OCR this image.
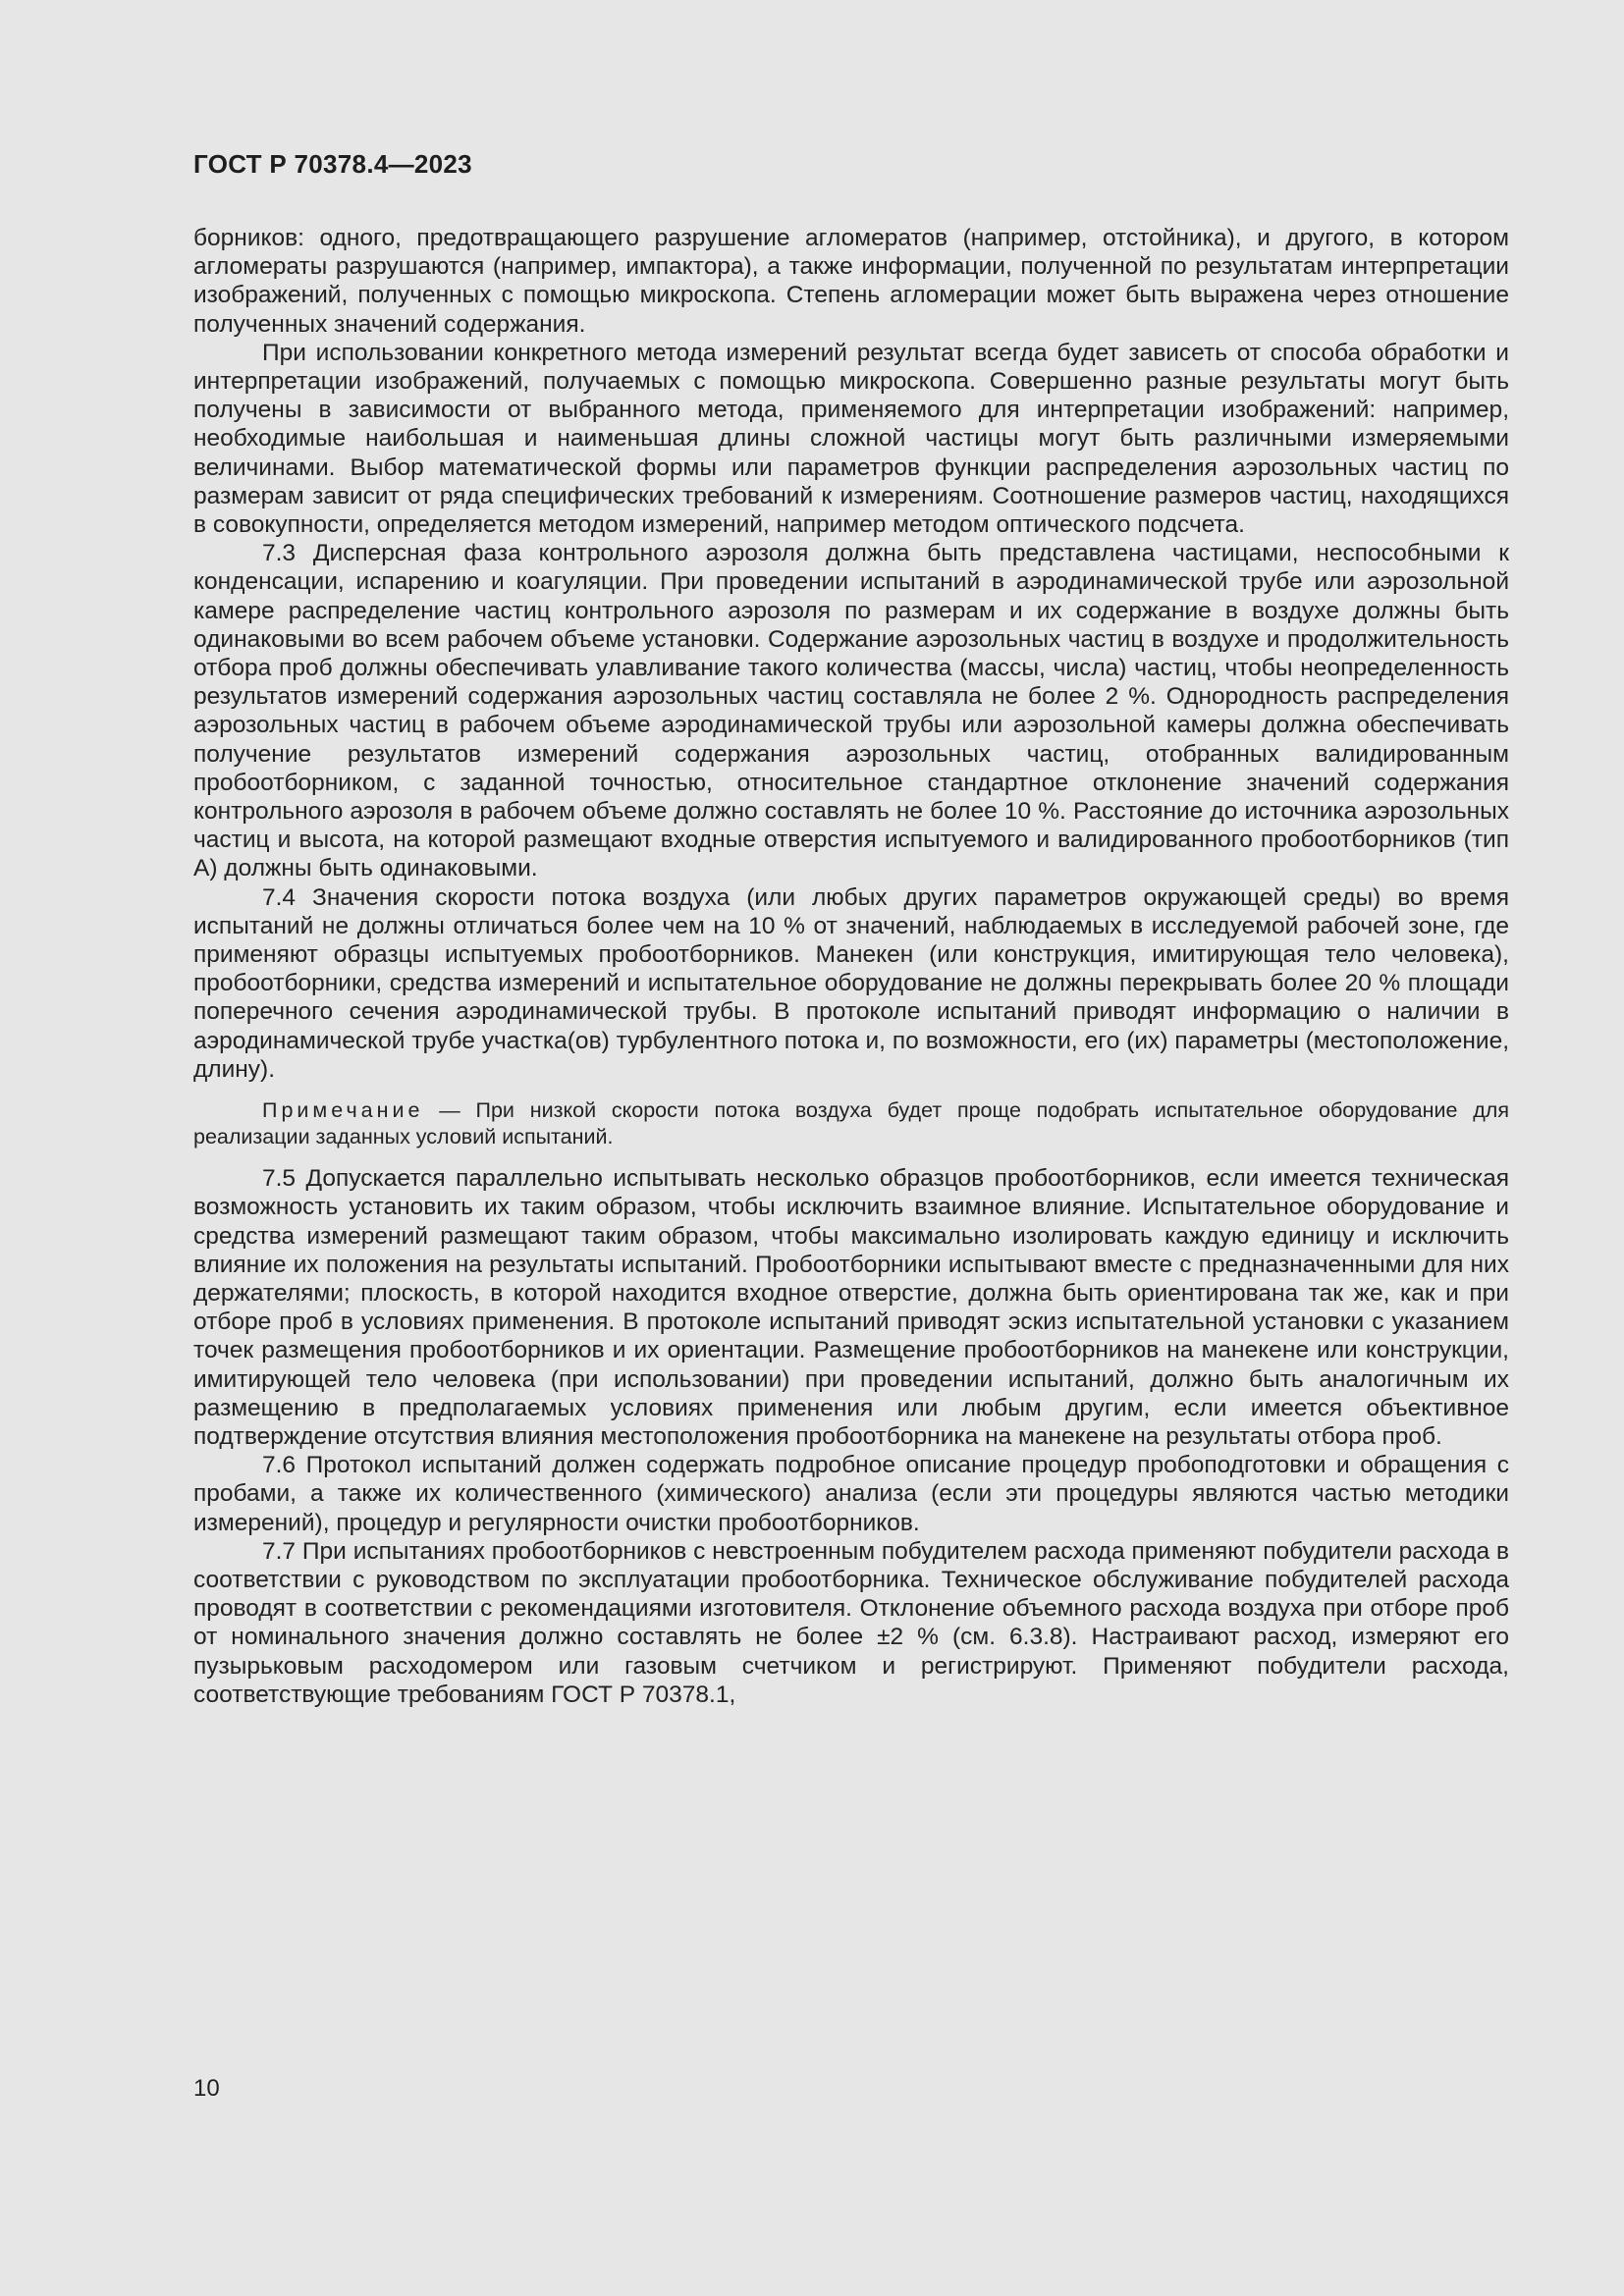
ГОСТ Р 70378.4—2023

борников: одного, предотвращающего разрушение агломератов (например, отстойника), и другого, в котором агломераты разрушаются (например, импактора), а также информации, полученной по результатам интерпретации изображений, полученных с помощью микроскопа. Степень агломерации может быть выражена через отношение полученных значений содержания.

При использовании конкретного метода измерений результат всегда будет зависеть от способа обработки и интерпретации изображений, получаемых с помощью микроскопа. Совершенно разные результаты могут быть получены в зависимости от выбранного метода, применяемого для интерпретации изображений: например, необходимые наибольшая и наименьшая длины сложной частицы могут быть различными измеряемыми величинами. Выбор математической формы или параметров функции распределения аэрозольных частиц по размерам зависит от ряда специфических требований к измерениям. Соотношение размеров частиц, находящихся в совокупности, определяется методом измерений, например методом оптического подсчета.

7.3 Дисперсная фаза контрольного аэрозоля должна быть представлена частицами, неспособными к конденсации, испарению и коагуляции. При проведении испытаний в аэродинамической трубе или аэрозольной камере распределение частиц контрольного аэрозоля по размерам и их содержание в воздухе должны быть одинаковыми во всем рабочем объеме установки. Содержание аэрозольных частиц в воздухе и продолжительность отбора проб должны обеспечивать улавливание такого количества (массы, числа) частиц, чтобы неопределенность результатов измерений содержания аэрозольных частиц составляла не более 2 %. Однородность распределения аэрозольных частиц в рабочем объеме аэродинамической трубы или аэрозольной камеры должна обеспечивать получение результатов измерений содержания аэрозольных частиц, отобранных валидированным пробоотборником, с заданной точностью, относительное стандартное отклонение значений содержания контрольного аэрозоля в рабочем объеме должно составлять не более 10 %. Расстояние до источника аэрозольных частиц и высота, на которой размещают входные отверстия испытуемого и валидированного пробоотборников (тип А) должны быть одинаковыми.

7.4 Значения скорости потока воздуха (или любых других параметров окружающей среды) во время испытаний не должны отличаться более чем на 10 % от значений, наблюдаемых в исследуемой рабочей зоне, где применяют образцы испытуемых пробоотборников. Манекен (или конструкция, имитирующая тело человека), пробоотборники, средства измерений и испытательное оборудование не должны перекрывать более 20 % площади поперечного сечения аэродинамической трубы. В протоколе испытаний приводят информацию о наличии в аэродинамической трубе участка(ов) турбулентного потока и, по возможности, его (их) параметры (местоположение, длину).

Примечание — При низкой скорости потока воздуха будет проще подобрать испытательное оборудование для реализации заданных условий испытаний.

7.5 Допускается параллельно испытывать несколько образцов пробоотборников, если имеется техническая возможность установить их таким образом, чтобы исключить взаимное влияние. Испытательное оборудование и средства измерений размещают таким образом, чтобы максимально изолировать каждую единицу и исключить влияние их положения на результаты испытаний. Пробоотборники испытывают вместе с предназначенными для них держателями; плоскость, в которой находится входное отверстие, должна быть ориентирована так же, как и при отборе проб в условиях применения. В протоколе испытаний приводят эскиз испытательной установки с указанием точек размещения пробоотборников и их ориентации. Размещение пробоотборников на манекене или конструкции, имитирующей тело человека (при использовании) при проведении испытаний, должно быть аналогичным их размещению в предполагаемых условиях применения или любым другим, если имеется объективное подтверждение отсутствия влияния местоположения пробоотборника на манекене на результаты отбора проб.

7.6 Протокол испытаний должен содержать подробное описание процедур пробоподготовки и обращения с пробами, а также их количественного (химического) анализа (если эти процедуры являются частью методики измерений), процедур и регулярности очистки пробоотборников.

7.7 При испытаниях пробоотборников с невстроенным побудителем расхода применяют побудители расхода в соответствии с руководством по эксплуатации пробоотборника. Техническое обслуживание побудителей расхода проводят в соответствии с рекомендациями изготовителя. Отклонение объемного расхода воздуха при отборе проб от номинального значения должно составлять не более ±2 % (см. 6.3.8). Настраивают расход, измеряют его пузырьковым расходомером или газовым счетчиком и регистрируют. Применяют побудители расхода, соответствующие требованиям ГОСТ Р 70378.1,

10
